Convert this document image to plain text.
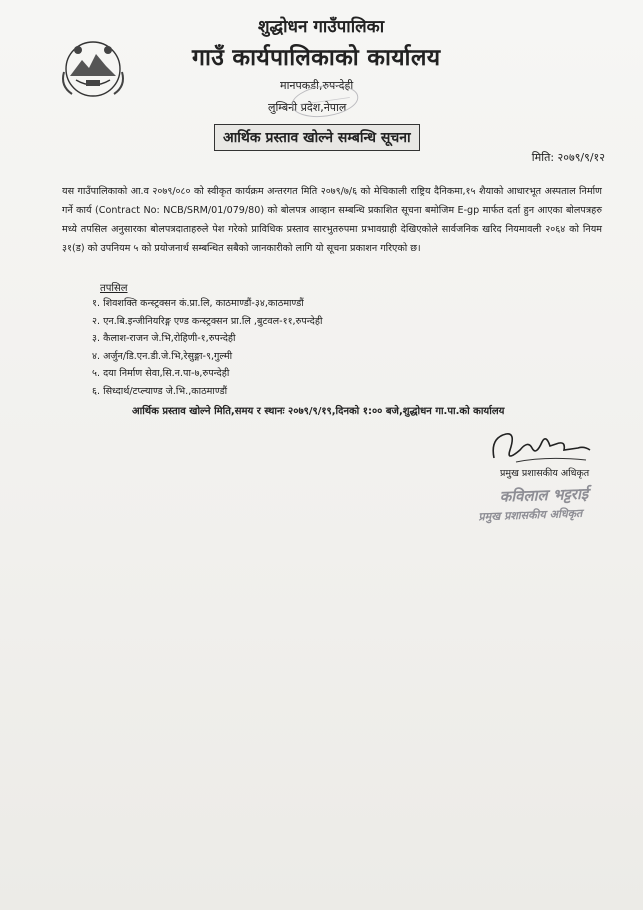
शुद्धोधन गाउँपालिका
गाउँ कार्यपालिकाको कार्यालय
मानपकडी,रुपन्देही
लुम्बिनी प्रदेश,नेपाल
आर्थिक प्रस्ताव खोल्ने सम्बन्धि सूचना
मिति: २०७९/९/१२
यस गाउँपालिकाको आ.व २०७९/०८० को स्वीकृत कार्यक्रम अन्तरगत मिति २०७९/७/६ को मेचिकाली राष्ट्रिय दैनिकमा,१५ शैयाको आधारभूत अस्पताल निर्माण गर्ने कार्य (Contract No: NCB/SRM/01/079/80) को बोलपत्र आव्हान सम्बन्धि प्रकाशित सूचना बमोजिम E-gp मार्फत दर्ता हुन आएका बोलपत्रहरु मध्ये तपसिल अनुसारका बोलपत्रदाताहरुले पेश गरेको प्राविधिक प्रस्ताव सारभुतरुपमा प्रभावग्राही देखिएकोले सार्वजनिक खरिद नियमावली २०६४ को नियम ३१(ड) को उपनियम ५ को प्रयोजनार्थ सम्बन्धित सबैको जानकारीको लागि यो सूचना प्रकाशन गरिएको छ।
तपसिल
१. शिवशक्ति कन्स्ट्रक्सन कं.प्रा.लि, काठमाण्डौं-३४,काठमाण्डौं
२. एन.बि.इन्जीनियरिङ्ग एण्ड कन्स्ट्रक्सन प्रा.लि ,बुटवल-११,रुपन्देही
३. कैलाश-राजन जे.भि,रोहिणी-१,रुपन्देही
४. अर्जुन/डि.एन.डी.जे.भि,रेसुङ्गा-९,गुल्मी
५. दया निर्माण सेवा,सि.न.पा-७,रुपन्देही
६. सिध्दार्थ/टप्ल्याण्ड जे.भि.,काठमाण्डौं
आर्थिक प्रस्ताव खोल्ने मिति,समय र स्थानः २०७९/९/१९,दिनको १:०० बजे,शुद्धोधन गा.पा.को कार्यालय
प्रमुख प्रशासकीय अधिकृत
कविलाल भट्टराई
प्रमुख प्रशासकीय अधिकृत
